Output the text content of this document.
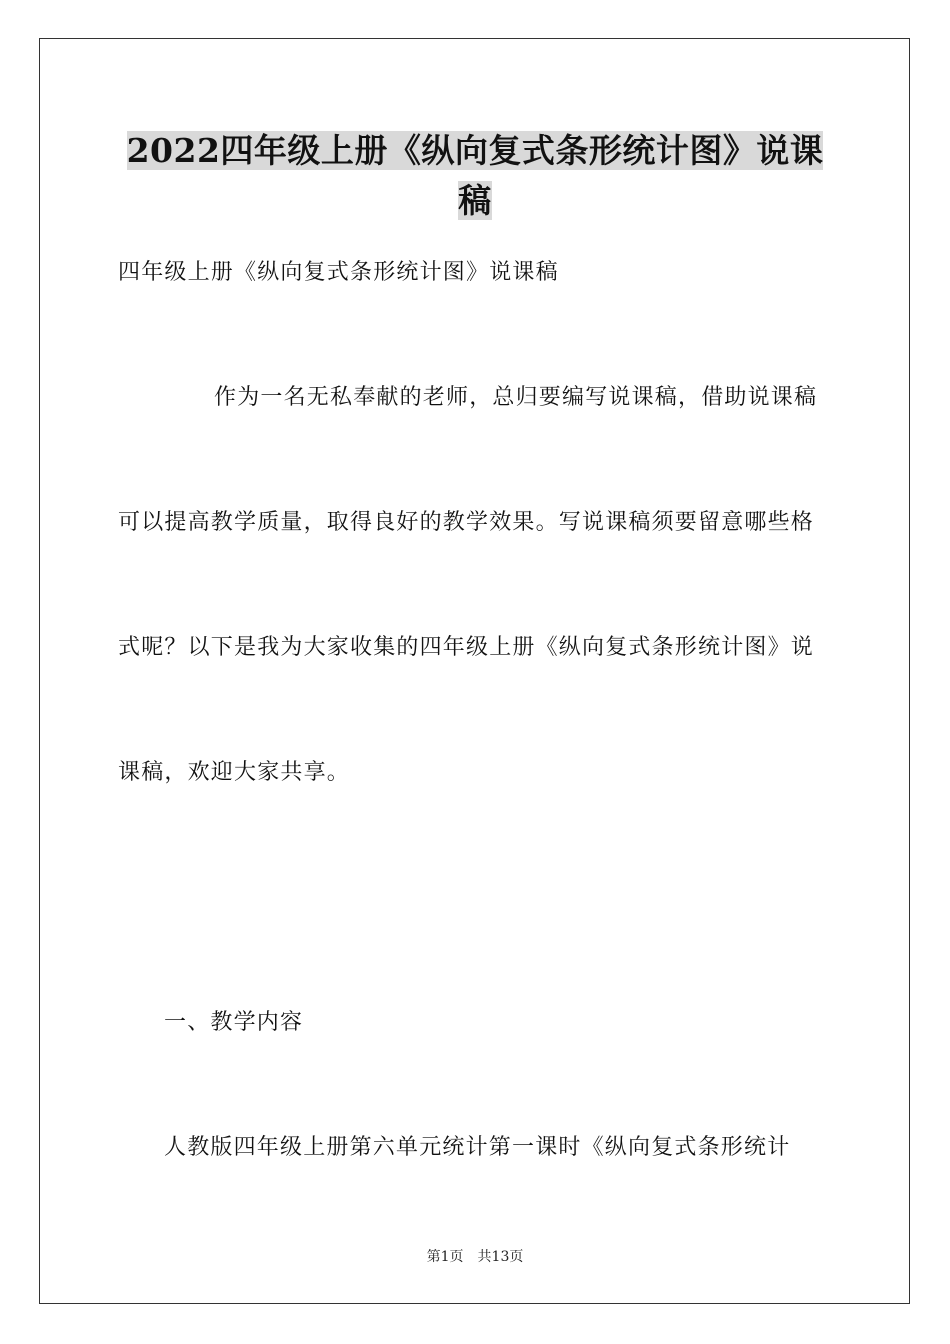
2022四年级上册《纵向复式条形统计图》说课稿
四年级上册《纵向复式条形统计图》说课稿
作为一名无私奉献的老师，总归要编写说课稿，借助说课稿
可以提高教学质量，取得良好的教学效果。写说课稿须要留意哪些格
式呢？以下是我为大家收集的四年级上册《纵向复式条形统计图》说
课稿，欢迎大家共享。
一、教学内容
人教版四年级上册第六单元统计第一课时《纵向复式条形统计
第1页 共13页
